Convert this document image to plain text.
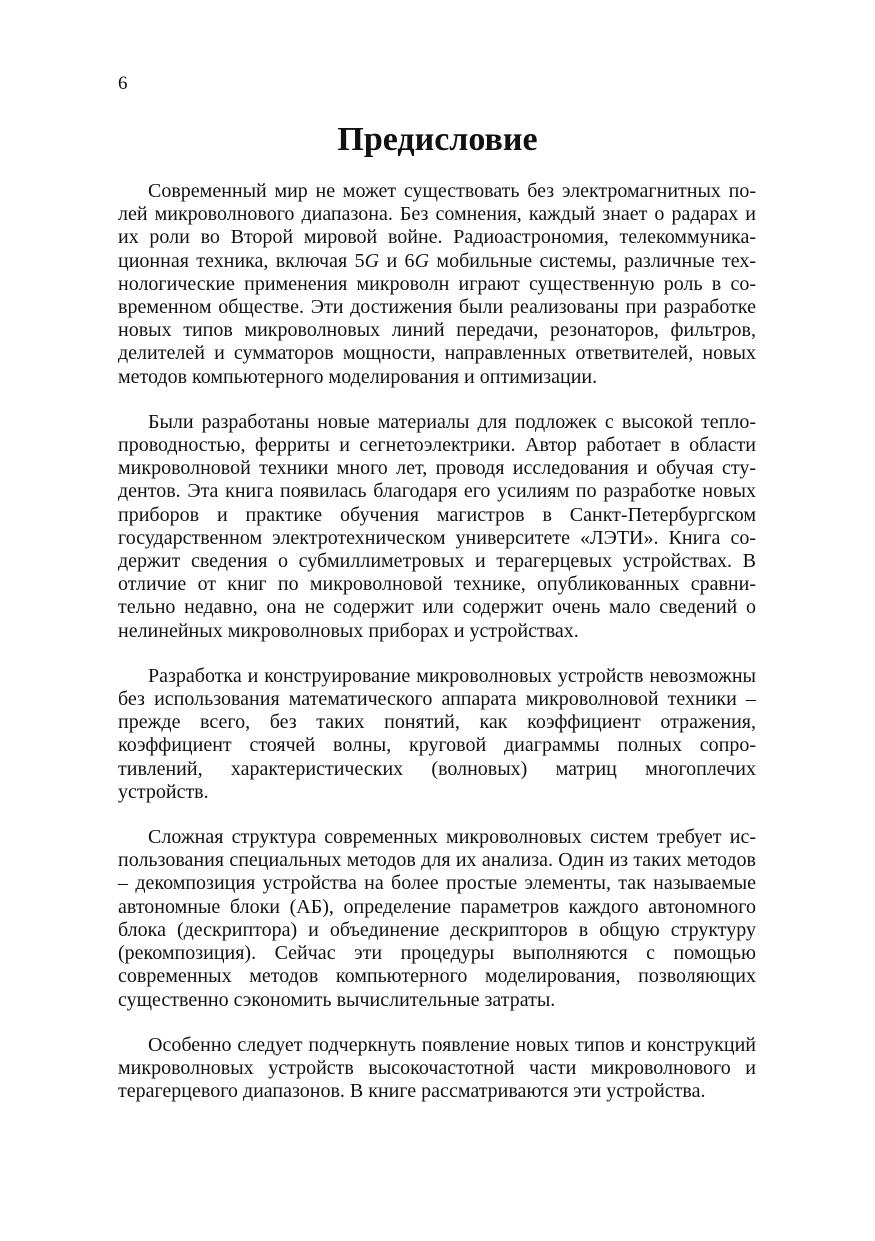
6
Предисловие

Современный мир не может существовать без электромагнитных полей микроволнового диапазона. Без сомнения, каждый знает о радарах и их роли во Второй мировой войне. Радиоастрономия, телекоммуникационная техника, включая 5G и 6G мобильные системы, различные технологические применения микроволн играют существенную роль в современном обществе. Эти достижения были реализованы при разработке новых типов микроволновых линий передачи, резонаторов, фильтров, делителей и сумматоров мощности, направленных ответвителей, новых методов компьютерного моделирования и оптимизации.

Были разработаны новые материалы для подложек с высокой теплопроводностью, ферриты и сегнетоэлектрики. Автор работает в области микроволновой техники много лет, проводя исследования и обучая студентов. Эта книга появилась благодаря его усилиям по разработке новых приборов и практике обучения магистров в Санкт-Петербургском государственном электротехническом университете «ЛЭТИ». Книга содержит сведения о субмиллиметровых и терагерцевых устройствах. В отличие от книг по микроволновой технике, опубликованных сравнительно недавно, она не содержит или содержит очень мало сведений о нелинейных микроволновых приборах и устройствах.

Разработка и конструирование микроволновых устройств невозможны без использования математического аппарата микроволновой техники – прежде всего, без таких понятий, как коэффициент отражения, коэффициент стоячей волны, круговой диаграммы полных сопротивлений, характеристических (волновых) матриц многоплечих устройств.

Сложная структура современных микроволновых систем требует использования специальных методов для их анализа. Один из таких методов – декомпозиция устройства на более простые элементы, так называемые автономные блоки (АБ), определение параметров каждого автономного блока (дескриптора) и объединение дескрипторов в общую структуру (рекомпозиция). Сейчас эти процедуры выполняются с помощью современных методов компьютерного моделирования, позволяющих существенно сэкономить вычислительные затраты.

Особенно следует подчеркнуть появление новых типов и конструкций микроволновых устройств высокочастотной части микроволнового и терагерцевого диапазонов. В книге рассматриваются эти устройства.
